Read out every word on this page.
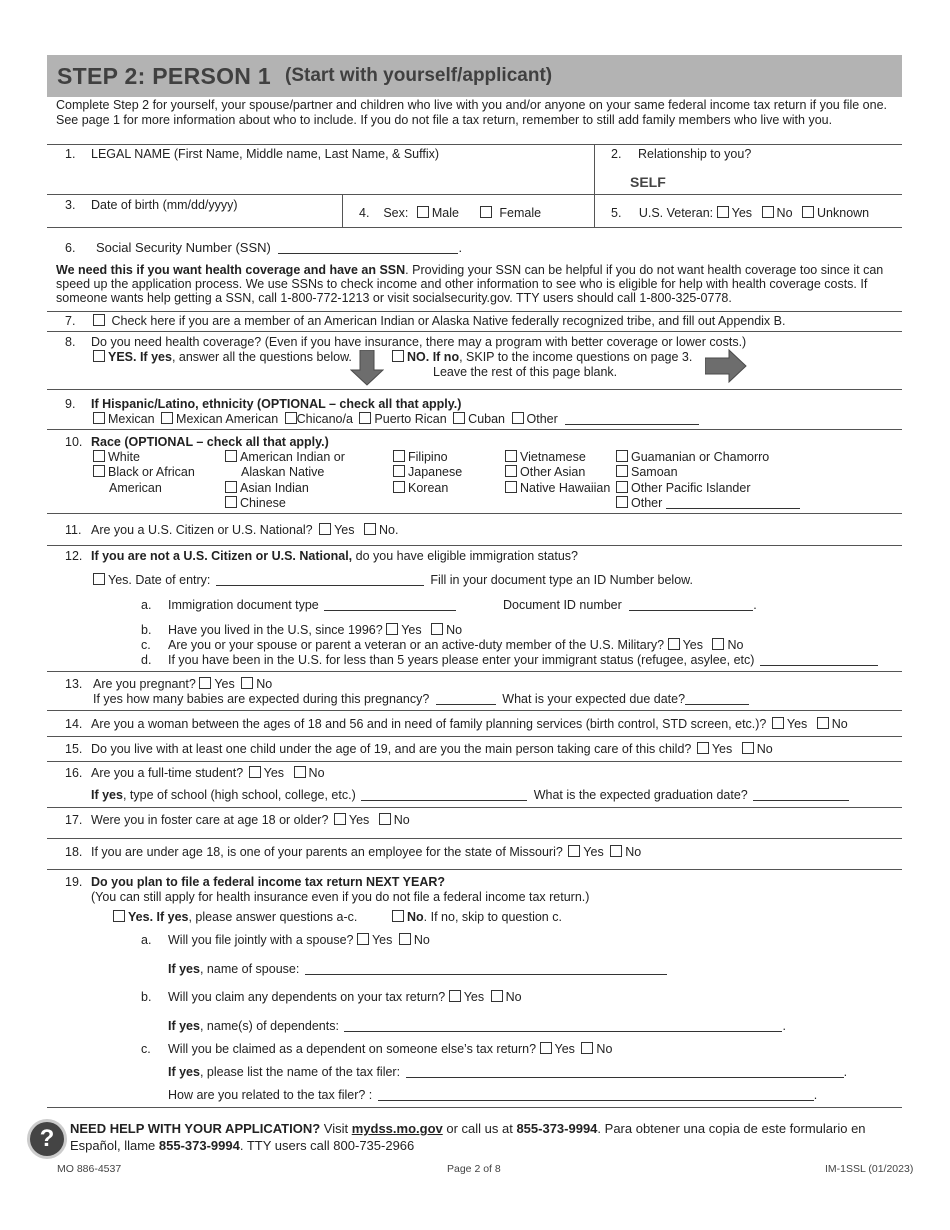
STEP 2: PERSON 1 (Start with yourself/applicant)
Complete Step 2 for yourself, your spouse/partner and children who live with you and/or anyone on your same federal income tax return if you file one. See page 1 for more information about who to include. If you do not file a tax return, remember to still add family members who live with you.
1. LEGAL NAME (First Name, Middle name, Last Name, & Suffix)	2. Relationship to you?
SELF
3. Date of birth (mm/dd/yyyy)
4. Sex: Male	Female	5. U.S. Veteran: Yes No Unknown
6. Social Security Number (SSN)	.
We need this if you want health coverage and have an SSN. Providing your SSN can be helpful if you do not want health coverage too since it can speed up the application process. We use SSNs to check income and other information to see who is eligible for help with health coverage costs. If someone wants help getting a SSN, call 1-800-772-1213 or visit socialsecurity.gov. TTY users should call 1-800-325-0778.
7.	Check here if you are a member of an American Indian or Alaska Native federally recognized tribe, and fill out Appendix B.
8. Do you need health coverage? (Even if you have insurance, there may a program with better coverage or lower costs.)
YES. If yes, answer all the questions below.	NO. If no, SKIP to the income questions on page 3.
Leave the rest of this page blank.
9. If Hispanic/Latino, ethnicity (OPTIONAL – check all that apply.)
Mexican Mexican American Chicano/a Puerto Rican Cuban Other
10. Race (OPTIONAL – check all that apply.)
White
Black or African
American
American Indian or
Alaskan Native
Asian Indian
Chinese
Filipino
Japanese
Korean
Vietnamese
Other Asian
Native Hawaiian
Guamanian or Chamorro
Samoan
Other Pacific Islander
Other
11. Are you a U.S. Citizen or U.S. National? Yes No.
12. If you are not a U.S. Citizen or U.S. National, do you have eligible immigration status?
Yes. Date of entry:	Fill in your document type an ID Number below.
a. Immigration document type	Document ID number	.
b. Have you lived in the U.S, since 1996? Yes No
c. Are you or your spouse or parent a veteran or an active-duty member of the U.S. Military? Yes No
d. If you have been in the U.S. for less than 5 years please enter your immigrant status (refugee, asylee, etc)
13. Are you pregnant? Yes No
If yes how many babies are expected during this pregnancy?	What is your expected due date?
14. Are you a woman between the ages of 18 and 56 and in need of family planning services (birth control, STD screen, etc.)? Yes No
15. Do you live with at least one child under the age of 19, and are you the main person taking care of this child? Yes No
16. Are you a full-time student? Yes No
If yes, type of school (high school, college, etc.)	What is the expected graduation date?
17. Were you in foster care at age 18 or older? Yes No
18. If you are under age 18, is one of your parents an employee for the state of Missouri? Yes No
19. Do you plan to file a federal income tax return NEXT YEAR?
(You can still apply for health insurance even if you do not file a federal income tax return.)
Yes. If yes, please answer questions a-c.	No. If no, skip to question c.
a. Will you file jointly with a spouse? Yes No
If yes, name of spouse:
b. Will you claim any dependents on your tax return? Yes No
If yes, name(s) of dependents:	.
c. Will you be claimed as a dependent on someone else’s tax return? Yes No
If yes, please list the name of the tax filer:	.
How are you related to the tax filer? :	.
?	NEED HELP WITH YOUR APPLICATION? Visit mydss.mo.gov or call us at 855-373-9994. Para obtener una copia de este formulario en Español, llame 855-373-9994. TTY users call 800-735-2966
MO 886-4537	Page 2 of 8	IM-1SSL (01/2023)
